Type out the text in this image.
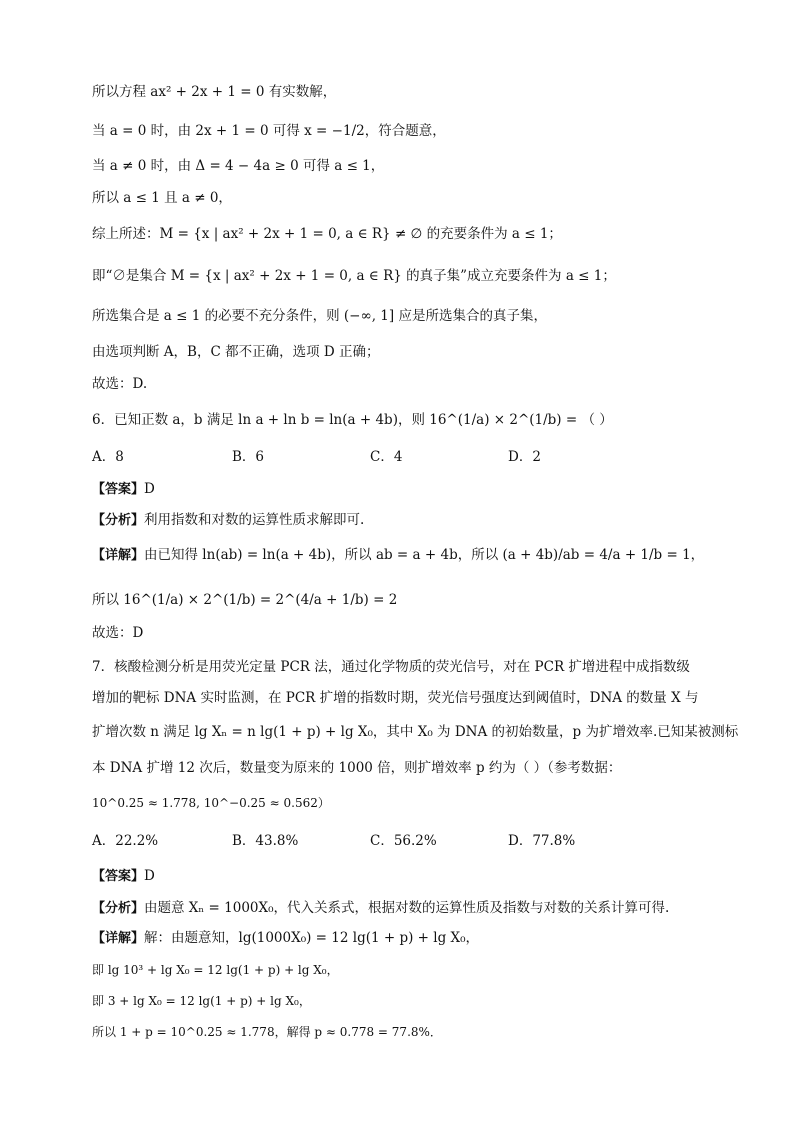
所以方程 ax² + 2x + 1 = 0 有实数解，
当 a = 0 时，由 2x + 1 = 0 可得 x = −1/2，符合题意，
当 a ≠ 0 时，由 Δ = 4 − 4a ≥ 0 可得 a ≤ 1，
所以 a ≤ 1 且 a ≠ 0，
综上所述：M = {x | ax² + 2x + 1 = 0, a ∈ R} ≠ ∅ 的充要条件为 a ≤ 1；
即“∅是集合 M = {x | ax² + 2x + 1 = 0, a ∈ R} 的真子集”成立充要条件为 a ≤ 1；
所选集合是 a ≤ 1 的必要不充分条件，则 (−∞, 1] 应是所选集合的真子集，
由选项判断 A，B，C 都不正确，选项 D 正确；
故选：D.
6．已知正数 a，b 满足 ln a + ln b = ln(a + 4b)，则 16^(1/a) × 2^(1/b) = （ ）
A．8	B．6	C．4	D．2
【答案】D
【分析】利用指数和对数的运算性质求解即可.
【详解】由已知得 ln(ab) = ln(a + 4b)，所以 ab = a + 4b，所以 (a + 4b)/ab = 4/a + 1/b = 1，
所以 16^(1/a) × 2^(1/b) = 2^(4/a + 1/b) = 2
故选：D
7．核酸检测分析是用荧光定量 PCR 法，通过化学物质的荧光信号，对在 PCR 扩增进程中成指数级
增加的靶标 DNA 实时监测，在 PCR 扩增的指数时期，荧光信号强度达到阈值时，DNA 的数量 X 与
扩增次数 n 满足 lg Xₙ = n lg(1 + p) + lg X₀，其中 X₀ 为 DNA 的初始数量，p 为扩增效率.已知某被测标
本 DNA 扩增 12 次后，数量变为原来的 1000 倍，则扩增效率 p 约为（ ）（参考数据：
10^0.25 ≈ 1.778, 10^−0.25 ≈ 0.562）
A．22.2%	B．43.8%	C．56.2%	D．77.8%
【答案】D
【分析】由题意 Xₙ = 1000X₀，代入关系式，根据对数的运算性质及指数与对数的关系计算可得.
【详解】解：由题意知，lg(1000X₀) = 12 lg(1 + p) + lg X₀，
即 lg 10³ + lg X₀ = 12 lg(1 + p) + lg X₀，
即 3 + lg X₀ = 12 lg(1 + p) + lg X₀，
所以 1 + p = 10^0.25 ≈ 1.778，解得 p ≈ 0.778 = 77.8%．
